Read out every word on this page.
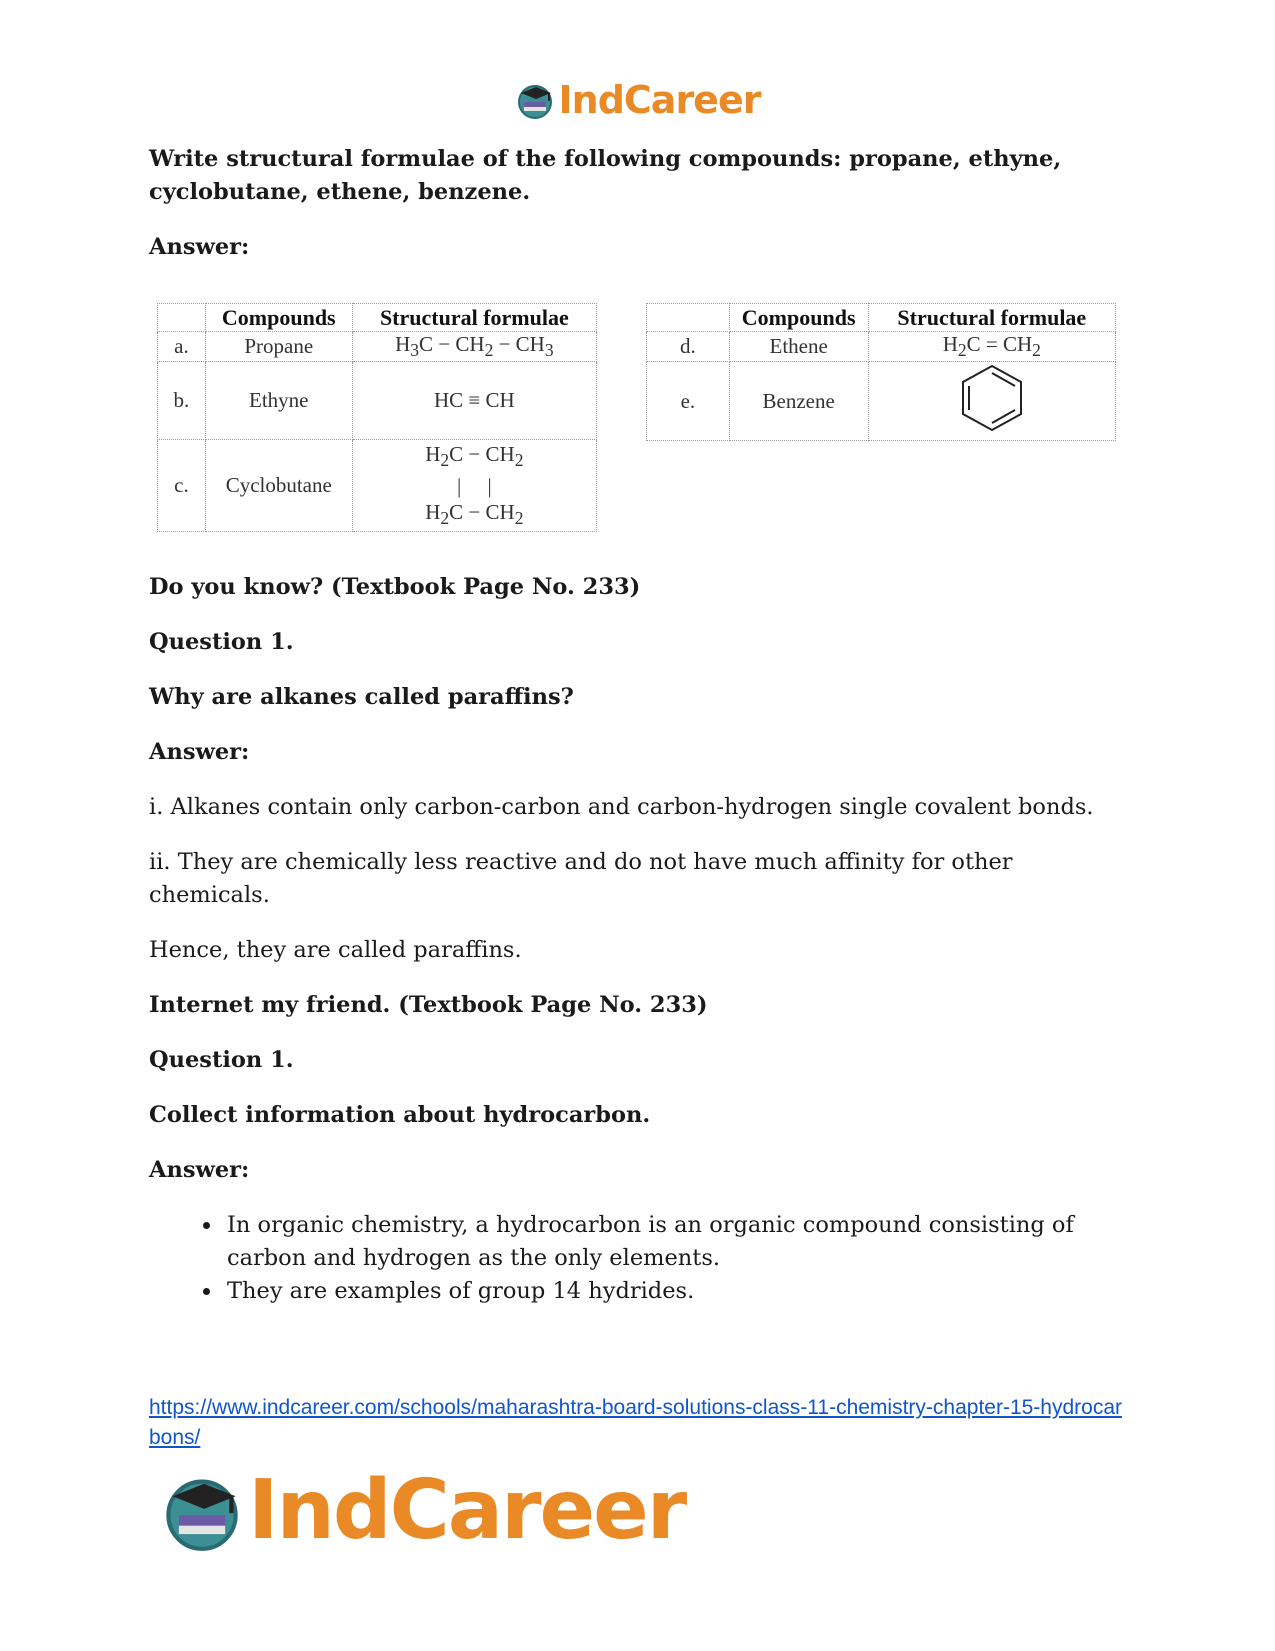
IndCareer

Write structural formulae of the following compounds: propane, ethyne, cyclobutane, ethene, benzene.

Answer:

	Compounds	Structural formulae
a.	Propane	$H_3C - CH_2 - CH_3$
b.	Ethyne	HC ≡ CH
c.	Cyclobutane	$H_2C - CH_2$
|     |
$H_2C - CH_2$
	Compounds	Structural formulae
d.	Ethene	$H_2C = CH_2$
e.	Benzene	

Do you know? (Textbook Page No. 233)

Question 1.

Why are alkanes called paraffins?

Answer:

i. Alkanes contain only carbon-carbon and carbon-hydrogen single covalent bonds.

ii. They are chemically less reactive and do not have much affinity for other chemicals.

Hence, they are called paraffins.

Internet my friend. (Textbook Page No. 233)

Question 1.

Collect information about hydrocarbon.

Answer:

• In organic chemistry, a hydrocarbon is an organic compound consisting of carbon and hydrogen as the only elements.
• They are examples of group 14 hydrides.
https://www.indcareer.com/schools/maharashtra-board-solutions-class-11-chemistry-chapter-15-hydrocarbons/
IndCareer
